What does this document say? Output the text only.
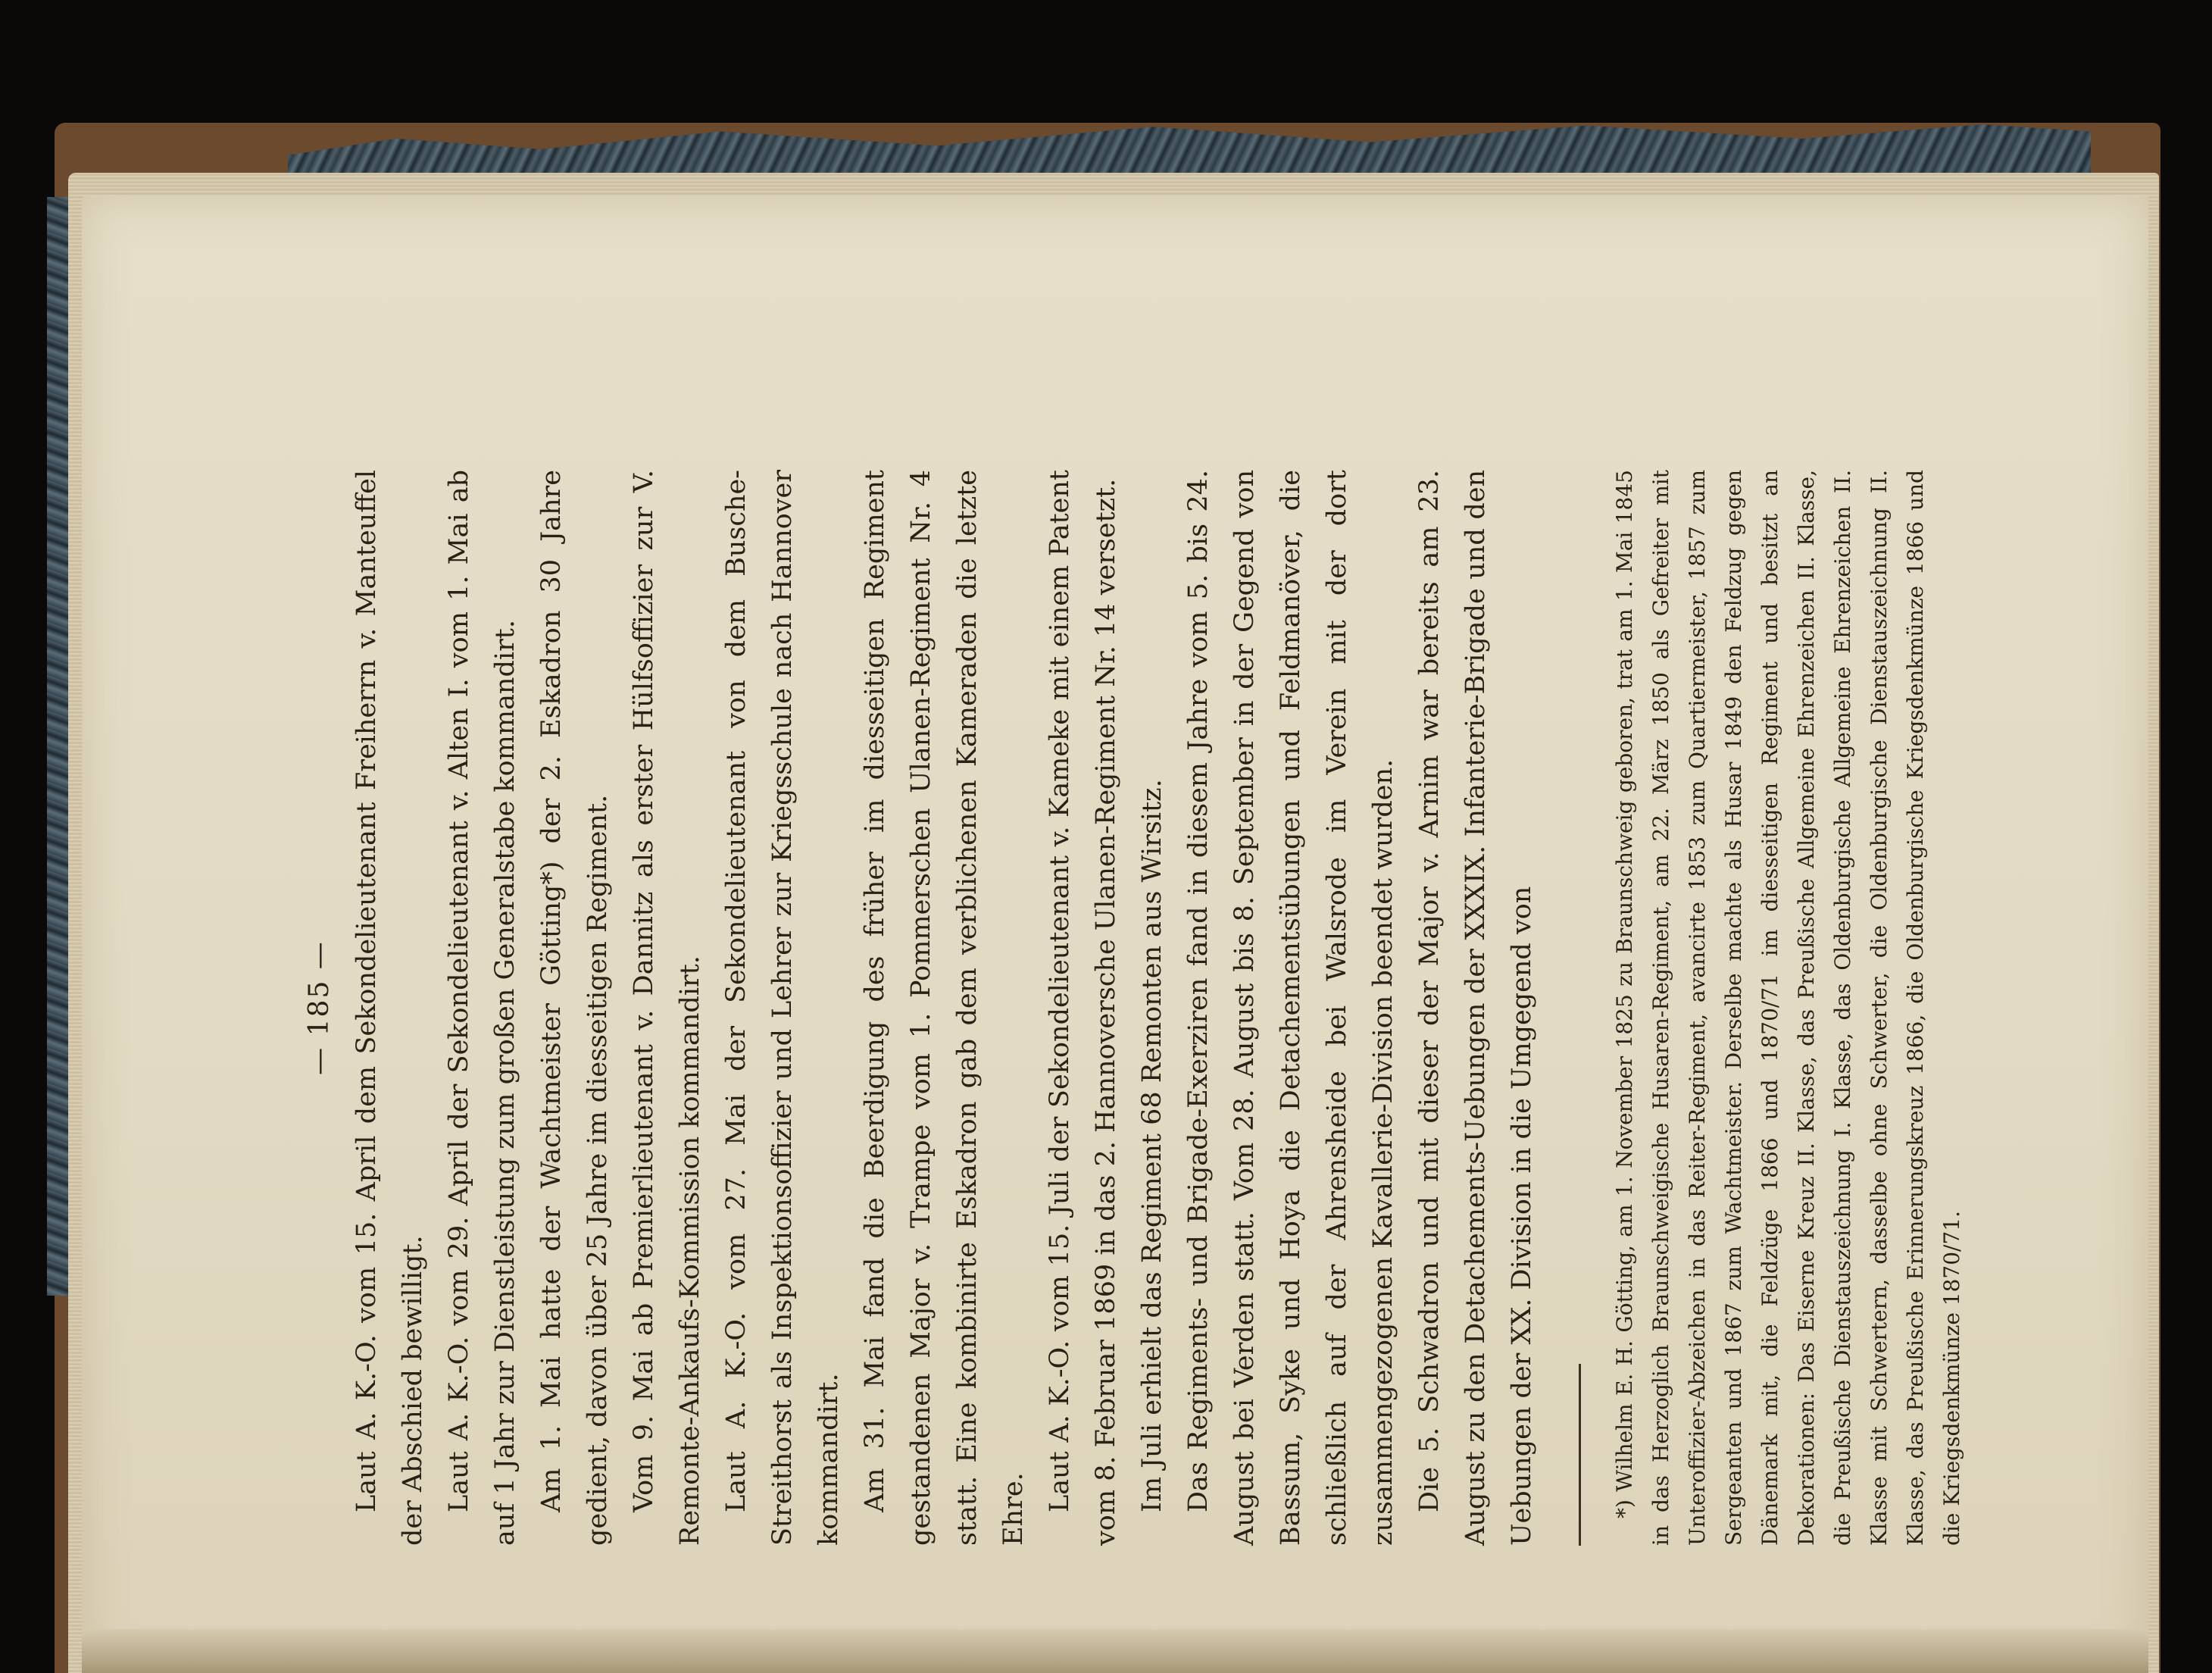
— 185 — Laut A. K.-O. vom 15. April dem Sekondelieutenant Freiherrn v. Manteuffel der Abschied bewilligt. Laut A. K.-O. vom 29. April der Sekondelieutenant v. Alten I. vom 1. Mai ab auf 1 Jahr zur Dienstleistung zum großen Generalstabe kommandirt. Am 1. Mai hatte der Wachtmeister Götting*) der 2. Eskadron 30 Jahre gedient, davon über 25 Jahre im diesseitigen Regiment. Vom 9. Mai ab Premierlieutenant v. Dannitz als erster Hülfsoffizier zur V. Remonte-Ankaufs-Kommission kommandirt. Laut A. K.-O. vom 27. Mai der Sekondelieutenant von dem Busche-Streithorst als Inspektionsoffizier und Lehrer zur Kriegsschule nach Hannover kommandirt. Am 31. Mai fand die Beerdigung des früher im diesseitigen Regiment gestandenen Major v. Trampe vom 1. Pommerschen Ulanen-Regiment Nr. 4 statt. Eine kombinirte Eskadron gab dem verblichenen Kameraden die letzte Ehre. Laut A. K.-O. vom 15. Juli der Sekondelieutenant v. Kameke mit einem Patent vom 8. Februar 1869 in das 2. Hannoversche Ulanen-Regiment Nr. 14 versetzt. Im Juli erhielt das Regiment 68 Remonten aus Wirsitz. Das Regiments- und Brigade-Exerziren fand in diesem Jahre vom 5. bis 24. August bei Verden statt. Vom 28. August bis 8. September in der Gegend von Bassum, Syke und Hoya die Detachementsübungen und Feldmanöver, die schließlich auf der Ahrensheide bei Walsrode im Verein mit der dort zusammengezogenen Kavallerie-Division beendet wurden. Die 5. Schwadron und mit dieser der Major v. Arnim war bereits am 23. August zu den Detachements-Uebungen der XXXIX. Infanterie-Brigade und den Uebungen der XX. Division in die Umgegend von	*) Wilhelm E. H. Götting, am 1. November 1825 zu Braunschweig geboren, trat am 1. Mai 1845 in das Herzoglich Braunschweigische Husaren-Regiment, am 22. März 1850 als Gefreiter mit Unteroffizier-Abzeichen in das Reiter-Regiment, avancirte 1853 zum Quartiermeister, 1857 zum Sergeanten und 1867 zum Wachtmeister. Derselbe machte als Husar 1849 den Feldzug gegen Dänemark mit, die Feldzüge 1866 und 1870/71 im diesseitigen Regiment und besitzt an Dekorationen: Das Eiserne Kreuz II. Klasse, das Preußische Allgemeine Ehrenzeichen II. Klasse, die Preußische Dienstauszeichnung I. Klasse, das Oldenburgische Allgemeine Ehrenzeichen II. Klasse mit Schwertern, dasselbe ohne Schwerter, die Oldenburgische Dienstauszeichnung II. Klasse, das Preußische Erinnerungskreuz 1866, die Oldenburgische Kriegsdenkmünze 1866 und die Kriegsdenkmünze 1870/71.
